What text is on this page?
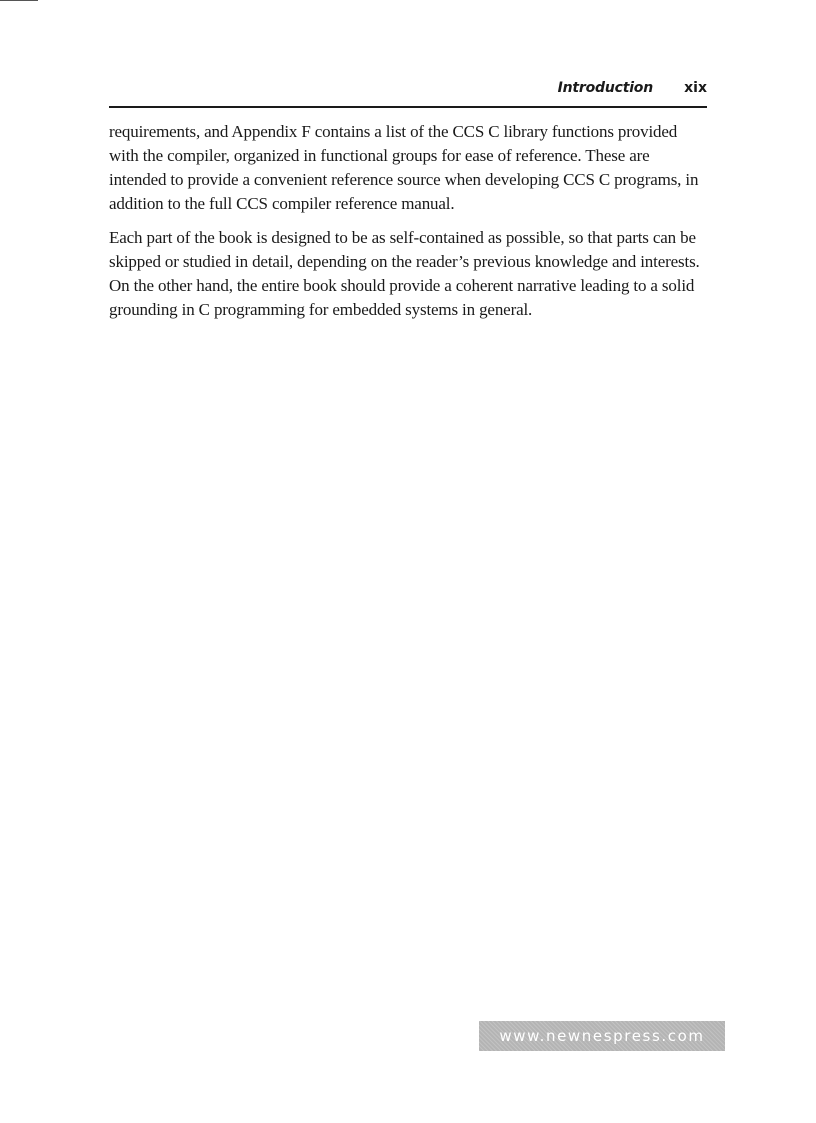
Introduction xix

requirements, and Appendix F contains a list of the CCS C library functions provided with the compiler, organized in functional groups for ease of reference. These are intended to provide a convenient reference source when developing CCS C programs, in addition to the full CCS compiler reference manual.

Each part of the book is designed to be as self-contained as possible, so that parts can be skipped or studied in detail, depending on the reader’s previous knowledge and interests. On the other hand, the entire book should provide a coherent narrative leading to a solid grounding in C programming for embedded systems in general.

www.newnespress.com
